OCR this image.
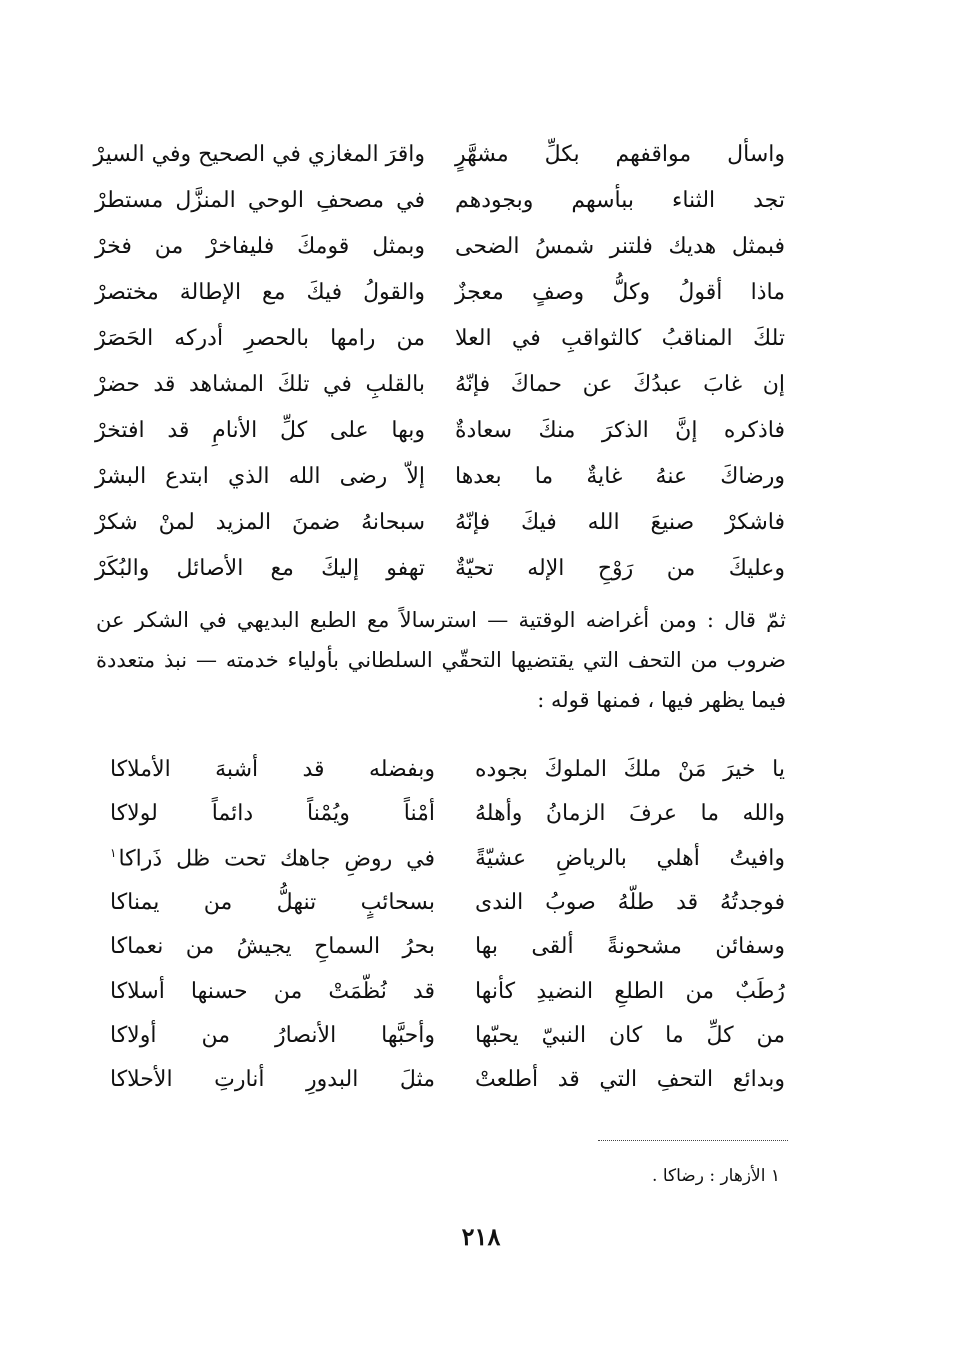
واسأل مواقفهم بكلِّ مشهَّرٍ
واقرَ المغازي في الصحيح وفي السيرْ
تجد الثناء ببأسهم وبجودهم
في مصحفِ الوحي المنزَّل مستطرْ
فبمثل هديك فلتنر شمسُ الضحى
وبمثل قومكَ فليفاخرْ من فخرْ
ماذا أقولُ وكلُّ وصفٍ معجزٌ
والقولُ فيكَ مع الإطالة مختصرْ
تلكَ المناقبُ كالثواقبِ في العلا
من رامها بالحصرِ أدركه الحَصَرْ
إن غابَ عبدُكَ عن حماكَ فإنّهُ
بالقلبِ في تلكَ المشاهد قد حضرْ
فاذكره إنَّ الذكرَ منكَ سعادةٌ
وبها على كلِّ الأنامِ قد افتخرْ
ورضاكَ عنهُ غايةٌ ما بعدها
إلاّ رضى الله الذي ابتدع البشرْ
فاشكرْ صنيعَ الله فيكَ فإنّهُ
سبحانهُ ضمنَ المزيد لمنْ شكرْ
وعليكَ من رَوْحِ الإله تحيّةٌ
تهفو إليكَ مع الأصائل والبُكَرْ
ثمّ قال : ومن أغراضه الوقتية — استرسالاً مع الطبع البديهي في الشكر عن
ضروب من التحف التي يقتضيها التحقّي السلطاني بأولياء خدمته — نبذ متعددة
فيما يظهر فيها ، فمنها قوله :
يا خيرَ مَنْ ملكَ الملوكَ بجوده
وبفضله قد أشبهَ الأملاكا
والله ما عرفَ الزمانُ وأهلهُ
أمْناً ويُمْناً دائماً لولاكا
وافيتُ أهلي بالرياضِ عشيّةً
في روضِ جاهك تحت ظل ذَراكا$^١$
فوجدتُهُ قد طلّهُ صوبُ الندى
بسحائبٍ تنهلُّ من يمناكا
وسفائن مشحونةً ألقى بها
بحرُ السماحِ يجيشُ من نعماكا
رُطَبٌ من الطلعِ النضيدِ كأنها
قد نُظّمَتْ من حسنها أسلاكا
من كلِّ ما كان النبيّ يحبّها
وأحبَّها الأنصارُ من أولاكا
وبدائع التحفِ التي قد أطلعتْ
مثلَ البدورِ أنارتِ الأحلاكا
١ الأزهار : رضاكا .
٢١٨
